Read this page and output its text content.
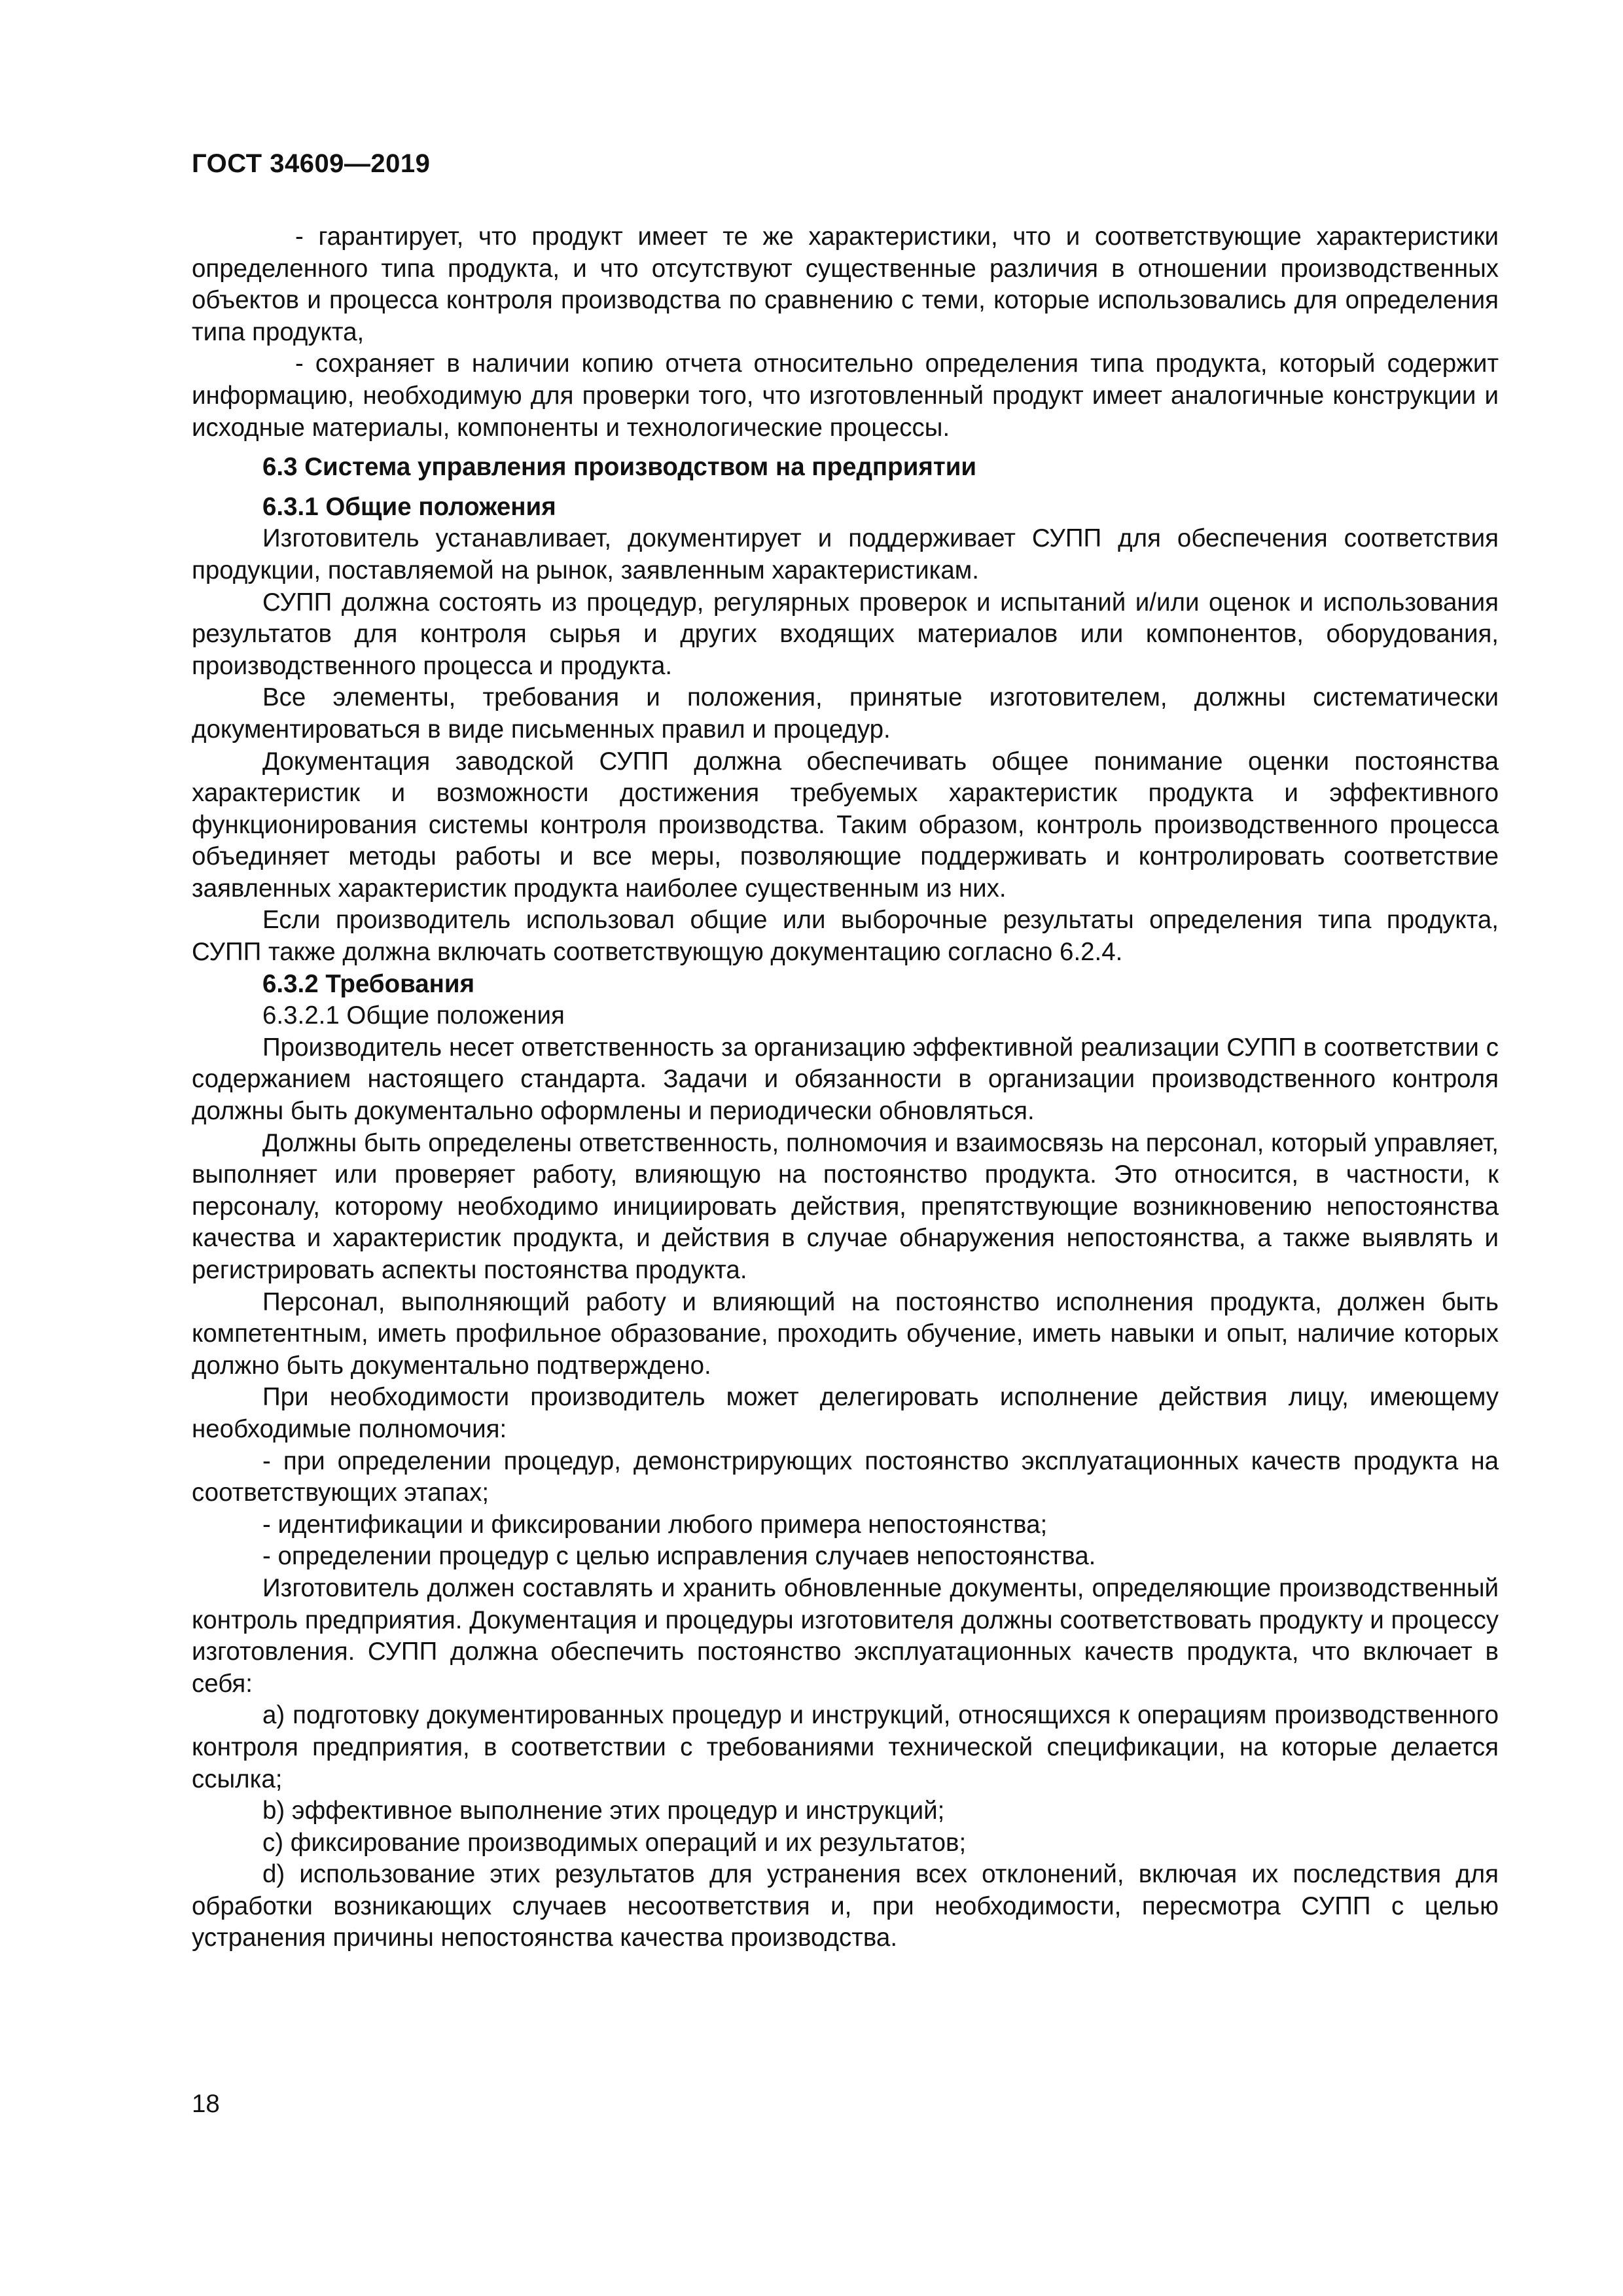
ГОСТ 34609—2019

- гарантирует, что продукт имеет те же характеристики, что и соответствующие характеристики определенного типа продукта, и что отсутствуют существенные различия в отношении производственных объектов и процесса контроля производства по сравнению с теми, которые использовались для определения типа продукта,

- сохраняет в наличии копию отчета относительно определения типа продукта, который содержит информацию, необходимую для проверки того, что изготовленный продукт имеет аналогичные конструкции и исходные материалы, компоненты и технологические процессы.

6.3 Система управления производством на предприятии

6.3.1 Общие положения

Изготовитель устанавливает, документирует и поддерживает СУПП для обеспечения соответствия продукции, поставляемой на рынок, заявленным характеристикам.

СУПП должна состоять из процедур, регулярных проверок и испытаний и/или оценок и использования результатов для контроля сырья и других входящих материалов или компонентов, оборудования, производственного процесса и продукта.

Все элементы, требования и положения, принятые изготовителем, должны систематически документироваться в виде письменных правил и процедур.

Документация заводской СУПП должна обеспечивать общее понимание оценки постоянства характеристик и возможности достижения требуемых характеристик продукта и эффективного функционирования системы контроля производства. Таким образом, контроль производственного процесса объединяет методы работы и все меры, позволяющие поддерживать и контролировать соответствие заявленных характеристик продукта наиболее существенным из них.

Если производитель использовал общие или выборочные результаты определения типа продукта, СУПП также должна включать соответствующую документацию согласно 6.2.4.

6.3.2 Требования

6.3.2.1 Общие положения

Производитель несет ответственность за организацию эффективной реализации СУПП в соответствии с содержанием настоящего стандарта. Задачи и обязанности в организации производственного контроля должны быть документально оформлены и периодически обновляться.

Должны быть определены ответственность, полномочия и взаимосвязь на персонал, который управляет, выполняет или проверяет работу, влияющую на постоянство продукта. Это относится, в частности, к персоналу, которому необходимо инициировать действия, препятствующие возникновению непостоянства качества и характеристик продукта, и действия в случае обнаружения непостоянства, а также выявлять и регистрировать аспекты постоянства продукта.

Персонал, выполняющий работу и влияющий на постоянство исполнения продукта, должен быть компетентным, иметь профильное образование, проходить обучение, иметь навыки и опыт, наличие которых должно быть документально подтверждено.

При необходимости производитель может делегировать исполнение действия лицу, имеющему необходимые полномочия:

- при определении процедур, демонстрирующих постоянство эксплуатационных качеств продукта на соответствующих этапах;

- идентификации и фиксировании любого примера непостоянства;

- определении процедур с целью исправления случаев непостоянства.

Изготовитель должен составлять и хранить обновленные документы, определяющие производственный контроль предприятия. Документация и процедуры изготовителя должны соответствовать продукту и процессу изготовления. СУПП должна обеспечить постоянство эксплуатационных качеств продукта, что включает в себя:

a) подготовку документированных процедур и инструкций, относящихся к операциям производственного контроля предприятия, в соответствии с требованиями технической спецификации, на которые делается ссылка;

b) эффективное выполнение этих процедур и инструкций;

c) фиксирование производимых операций и их результатов;

d) использование этих результатов для устранения всех отклонений, включая их последствия для обработки возникающих случаев несоответствия и, при необходимости, пересмотра СУПП с целью устранения причины непостоянства качества производства.

18
